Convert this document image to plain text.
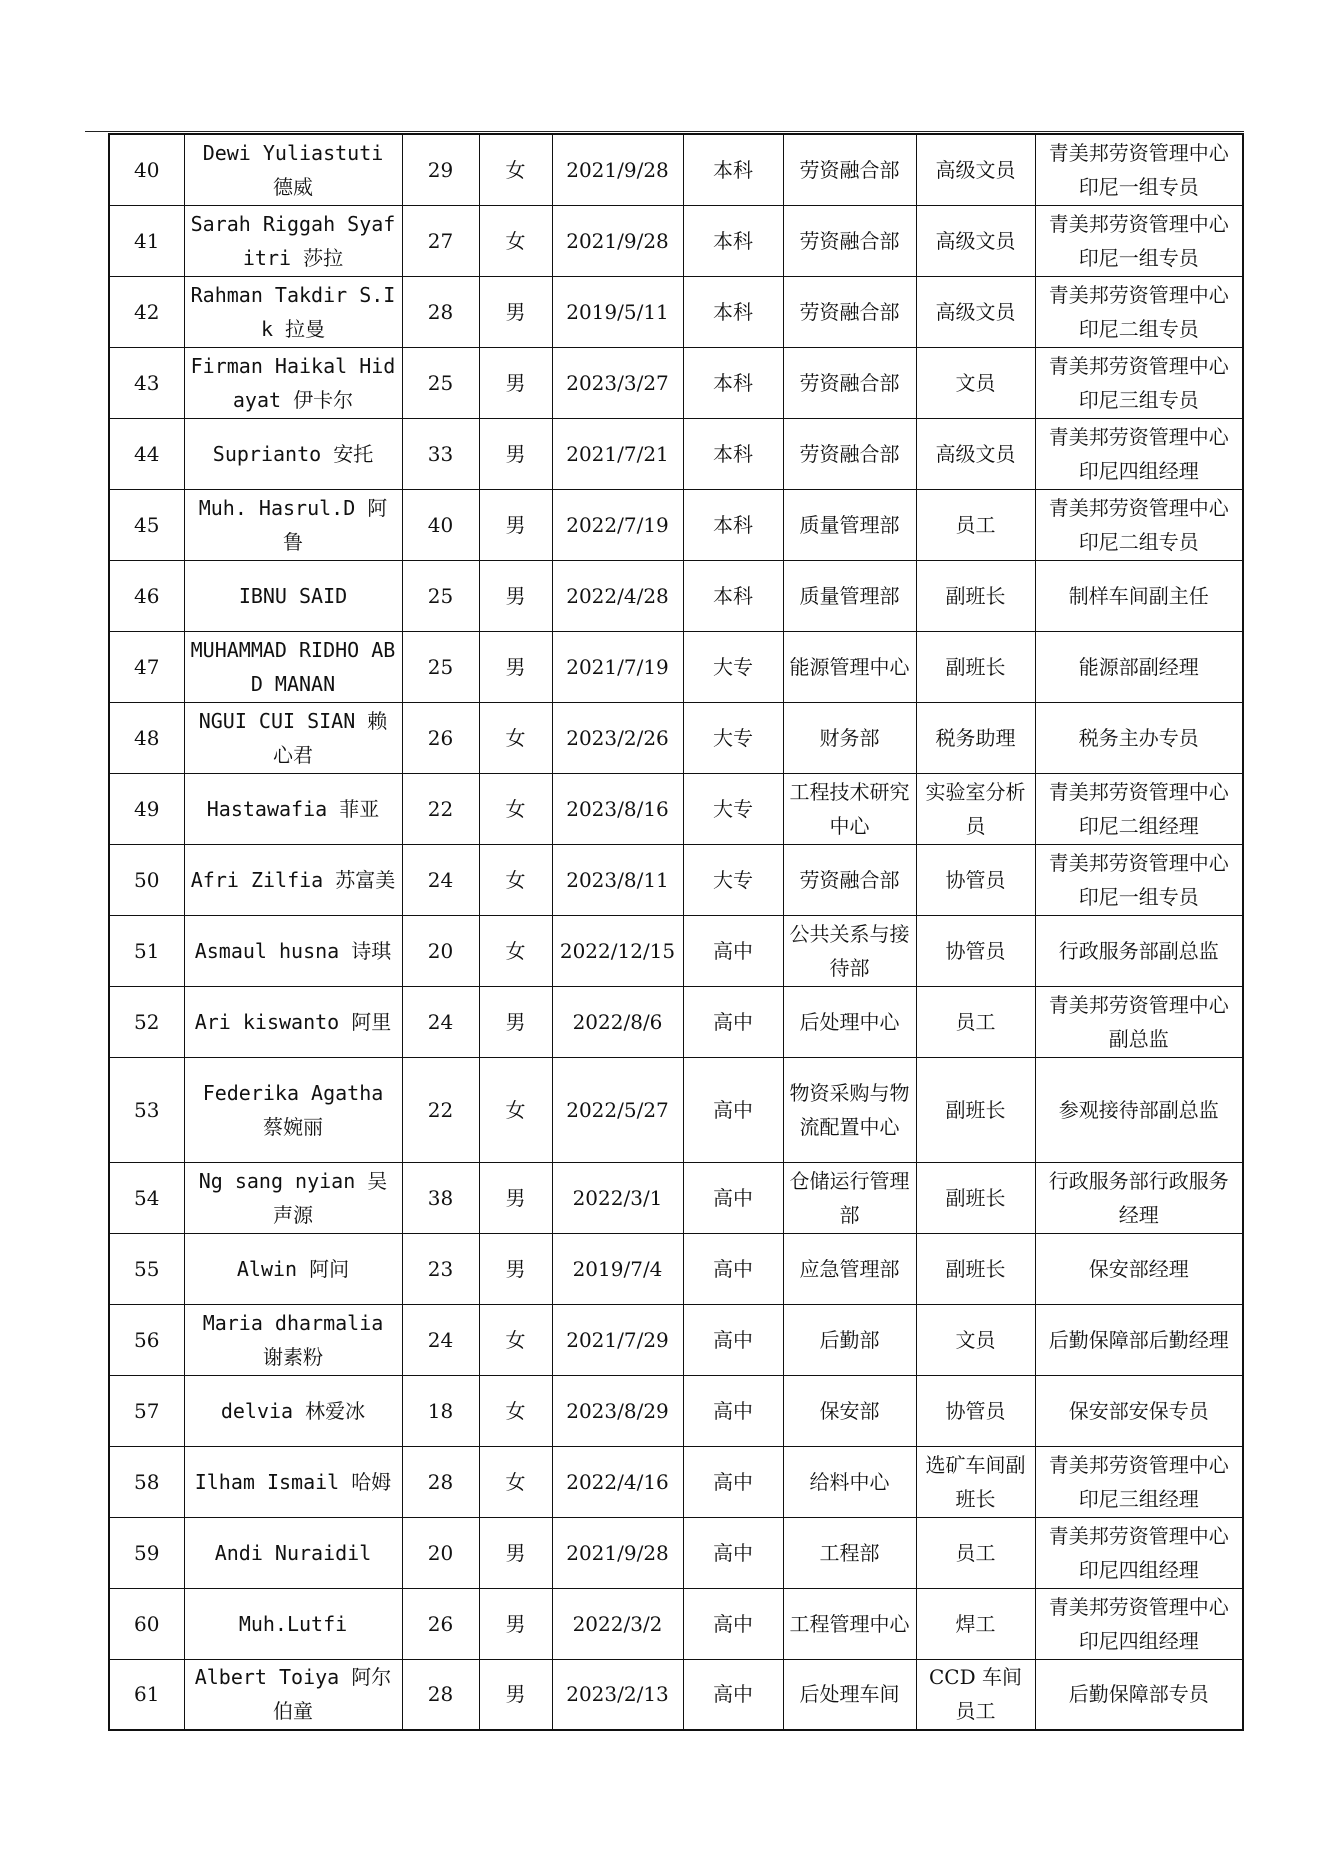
40	Dewi Yuliastuti 德威	29	女	2021/9/28	本科	劳资融合部	高级文员	青美邦劳资管理中心印尼一组专员
41	Sarah Riggah Syafitri 莎拉	27	女	2021/9/28	本科	劳资融合部	高级文员	青美邦劳资管理中心印尼一组专员
42	Rahman Takdir S.Ik 拉曼	28	男	2019/5/11	本科	劳资融合部	高级文员	青美邦劳资管理中心印尼二组专员
43	Firman Haikal Hidayat 伊卡尔	25	男	2023/3/27	本科	劳资融合部	文员	青美邦劳资管理中心印尼三组专员
44	Suprianto 安托	33	男	2021/7/21	本科	劳资融合部	高级文员	青美邦劳资管理中心印尼四组经理
45	Muh. Hasrul.D 阿鲁	40	男	2022/7/19	本科	质量管理部	员工	青美邦劳资管理中心印尼二组专员
46	IBNU SAID	25	男	2022/4/28	本科	质量管理部	副班长	制样车间副主任
47	MUHAMMAD RIDHO ABD MANAN	25	男	2021/7/19	大专	能源管理中心	副班长	能源部副经理
48	NGUI CUI SIAN 赖心君	26	女	2023/2/26	大专	财务部	税务助理	税务主办专员
49	Hastawafia 菲亚	22	女	2023/8/16	大专	工程技术研究中心	实验室分析员	青美邦劳资管理中心印尼二组经理
50	Afri Zilfia 苏富美	24	女	2023/8/11	大专	劳资融合部	协管员	青美邦劳资管理中心印尼一组专员
51	Asmaul husna 诗琪	20	女	2022/12/15	高中	公共关系与接待部	协管员	行政服务部副总监
52	Ari kiswanto 阿里	24	男	2022/8/6	高中	后处理中心	员工	青美邦劳资管理中心副总监
53	Federika Agatha 蔡婉丽	22	女	2022/5/27	高中	物资采购与物流配置中心	副班长	参观接待部副总监
54	Ng sang nyian 吴声源	38	男	2022/3/1	高中	仓储运行管理部	副班长	行政服务部行政服务经理
55	Alwin 阿问	23	男	2019/7/4	高中	应急管理部	副班长	保安部经理
56	Maria dharmalia 谢素粉	24	女	2021/7/29	高中	后勤部	文员	后勤保障部后勤经理
57	delvia 林爱冰	18	女	2023/8/29	高中	保安部	协管员	保安部安保专员
58	Ilham Ismail 哈姆	28	女	2022/4/16	高中	给料中心	选矿车间副班长	青美邦劳资管理中心印尼三组经理
59	Andi Nuraidil	20	男	2021/9/28	高中	工程部	员工	青美邦劳资管理中心印尼四组经理
60	Muh.Lutfi	26	男	2022/3/2	高中	工程管理中心	焊工	青美邦劳资管理中心印尼四组经理
61	Albert Toiya 阿尔伯童	28	男	2023/2/13	高中	后处理车间	CCD 车间员工	后勤保障部专员
